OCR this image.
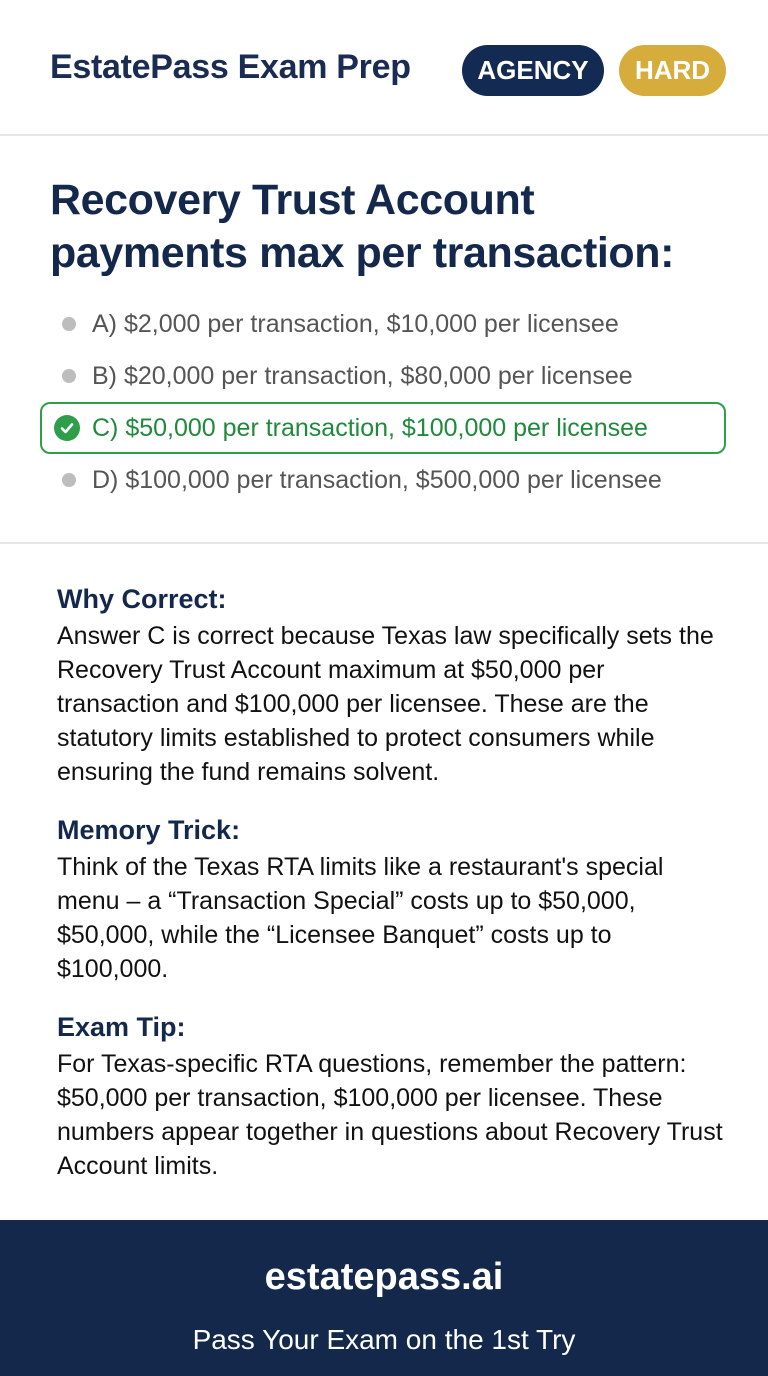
EstatePass Exam Prep	AGENCY	HARD
Recovery Trust Account payments max per transaction:
A) $2,000 per transaction, $10,000 per licensee
B) $20,000 per transaction, $80,000 per licensee
C) $50,000 per transaction, $100,000 per licensee
D) $100,000 per transaction, $500,000 per licensee
Why Correct:

Answer C is correct because Texas law specifically sets the Recovery Trust Account maximum at $50,000 per transaction and $100,000 per licensee. These are the statutory limits established to protect consumers while ensuring the fund remains solvent.

Memory Trick:

Think of the Texas RTA limits like a restaurant's special menu – a “Transaction Special” costs up to $50,000, $50,000, while the “Licensee Banquet” costs up to $100,000.

Exam Tip:

For Texas-specific RTA questions, remember the pattern: $50,000 per transaction, $100,000 per licensee. These numbers appear together in questions about Recovery Trust Account limits.

estatepass.ai
Pass Your Exam on the 1st Try
